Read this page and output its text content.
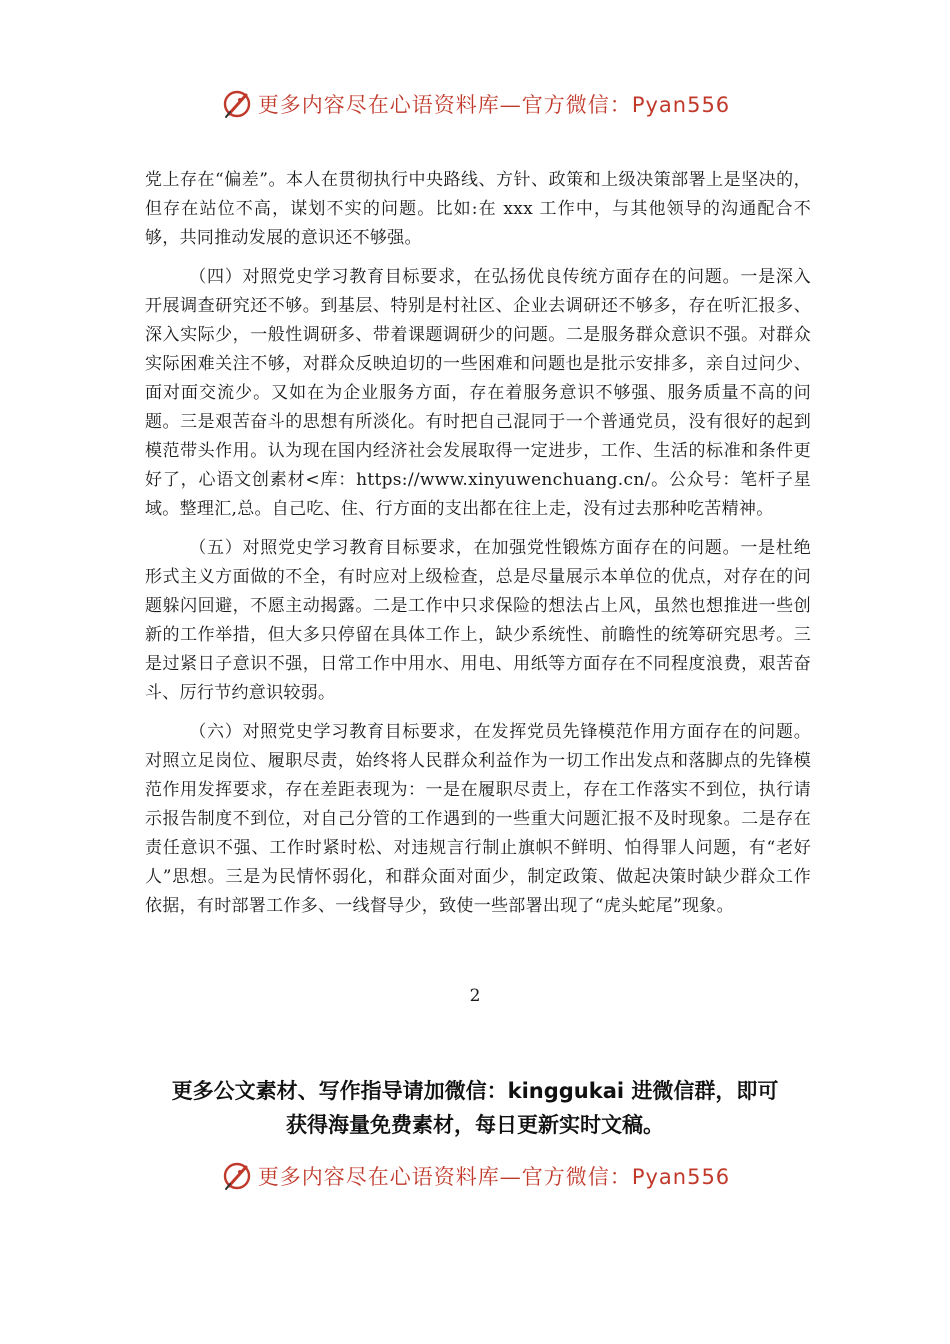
更多内容尽在心语资料库—官方微信：Pyan556

党上存在“偏差”。本人在贯彻执行中央路线、方针、政策和上级决策部署上是坚决的，但存在站位不高，谋划不实的问题。比如:在 xxx 工作中，与其他领导的沟通配合不够，共同推动发展的意识还不够强。

（四）对照党史学习教育目标要求，在弘扬优良传统方面存在的问题。一是深入开展调查研究还不够。到基层、特别是村社区、企业去调研还不够多，存在听汇报多、深入实际少，一般性调研多、带着课题调研少的问题。二是服务群众意识不强。对群众实际困难关注不够，对群众反映迫切的一些困难和问题也是批示安排多，亲自过问少、面对面交流少。又如在为企业服务方面，存在着服务意识不够强、服务质量不高的问题。三是艰苦奋斗的思想有所淡化。有时把自己混同于一个普通党员，没有很好的起到模范带头作用。认为现在国内经济社会发展取得一定进步，工作、生活的标准和条件更好了，心语文创素材<库：https://www.xinyuwenchuang.cn/。公众号：笔杆子星域。整理汇,总。自己吃、住、行方面的支出都在往上走，没有过去那种吃苦精神。

（五）对照党史学习教育目标要求，在加强党性锻炼方面存在的问题。一是杜绝形式主义方面做的不全，有时应对上级检查，总是尽量展示本单位的优点，对存在的问题躲闪回避，不愿主动揭露。二是工作中只求保险的想法占上风，虽然也想推进一些创新的工作举措，但大多只停留在具体工作上，缺少系统性、前瞻性的统筹研究思考。三是过紧日子意识不强，日常工作中用水、用电、用纸等方面存在不同程度浪费，艰苦奋斗、厉行节约意识较弱。

（六）对照党史学习教育目标要求，在发挥党员先锋模范作用方面存在的问题。对照立足岗位、履职尽责，始终将人民群众利益作为一切工作出发点和落脚点的先锋模范作用发挥要求，存在差距表现为：一是在履职尽责上，存在工作落实不到位，执行请示报告制度不到位，对自己分管的工作遇到的一些重大问题汇报不及时现象。二是存在责任意识不强、工作时紧时松、对违规言行制止旗帜不鲜明、怕得罪人问题，有“老好人”思想。三是为民情怀弱化，和群众面对面少，制定政策、做起决策时缺少群众工作依据，有时部署工作多、一线督导少，致使一些部署出现了“虎头蛇尾”现象。

2
更多公文素材、写作指导请加微信：kinggukai 进微信群，即可
获得海量免费素材，每日更新实时文稿。
更多内容尽在心语资料库—官方微信：Pyan556
